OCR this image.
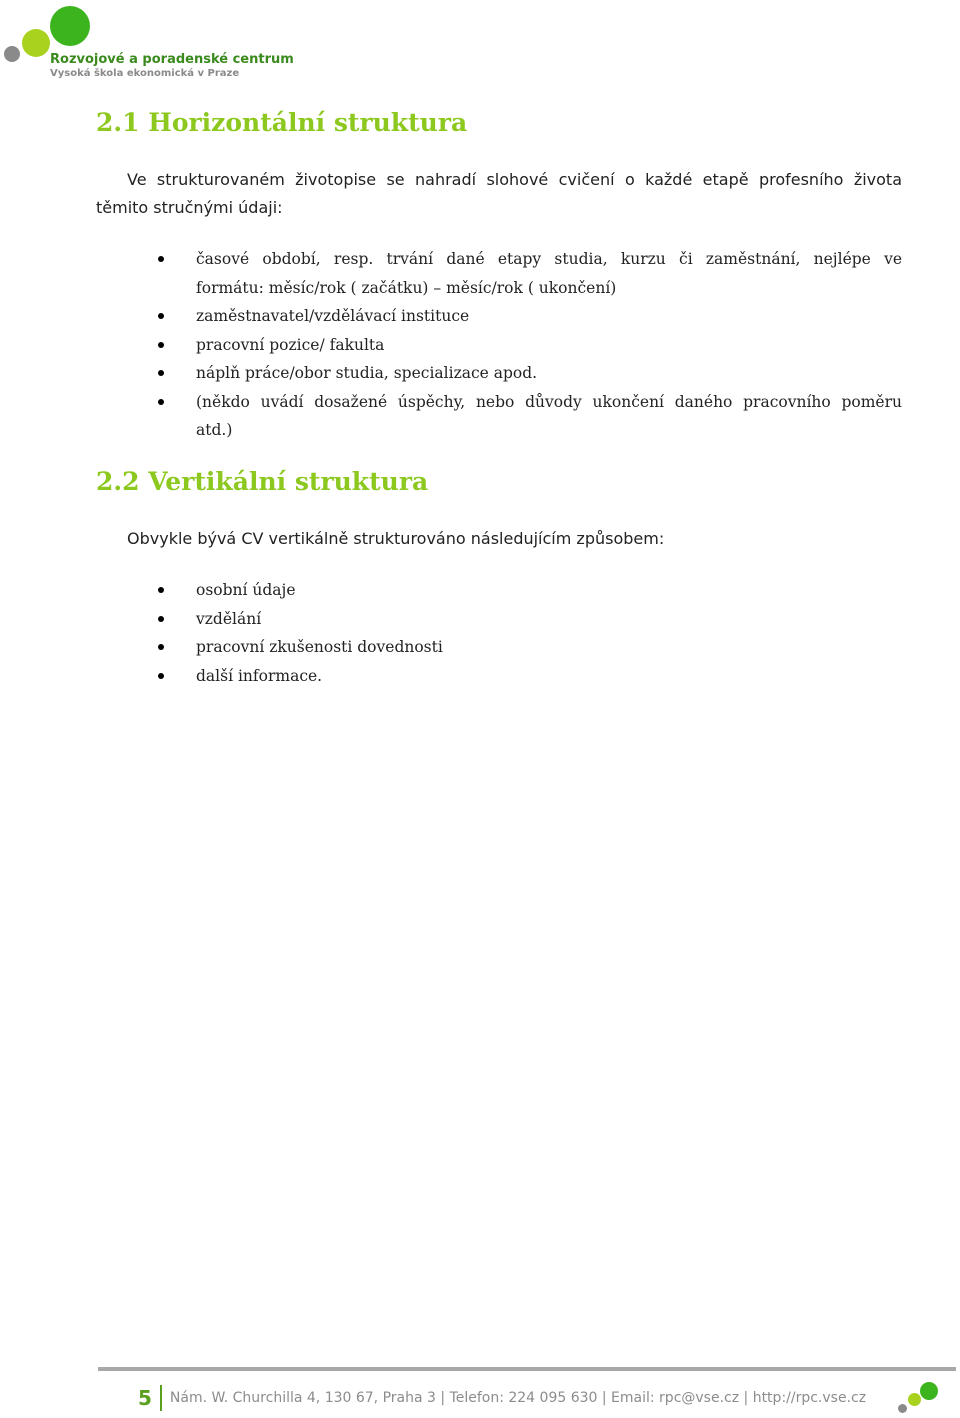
Rozvojové a poradenské centrum

Vysoká škola ekonomická v Praze

2.1 Horizontální struktura

Ve strukturovaném životopise se nahradí slohové cvičení o každé etapě profesního života

těmito stručnými údaji:

časové období, resp. trvání dané etapy studia, kurzu či zaměstnání, nejlépe ve
formátu: měsíc/rok ( začátku) – měsíc/rok ( ukončení)
zaměstnavatel/vzdělávací instituce
pracovní pozice/ fakulta
náplň práce/obor studia, specializace apod.
(někdo uvádí dosažené úspěchy, nebo důvody ukončení daného pracovního poměru
atd.)
2.2 Vertikální struktura

Obvykle bývá CV vertikálně strukturováno následujícím způsobem:

osobní údaje
vzdělání
pracovní zkušenosti dovednosti
další informace.
5	Nám. W. Churchilla 4, 130 67, Praha 3 | Telefon: 224 095 630 | Email: rpc@vse.cz | http://rpc.vse.cz
